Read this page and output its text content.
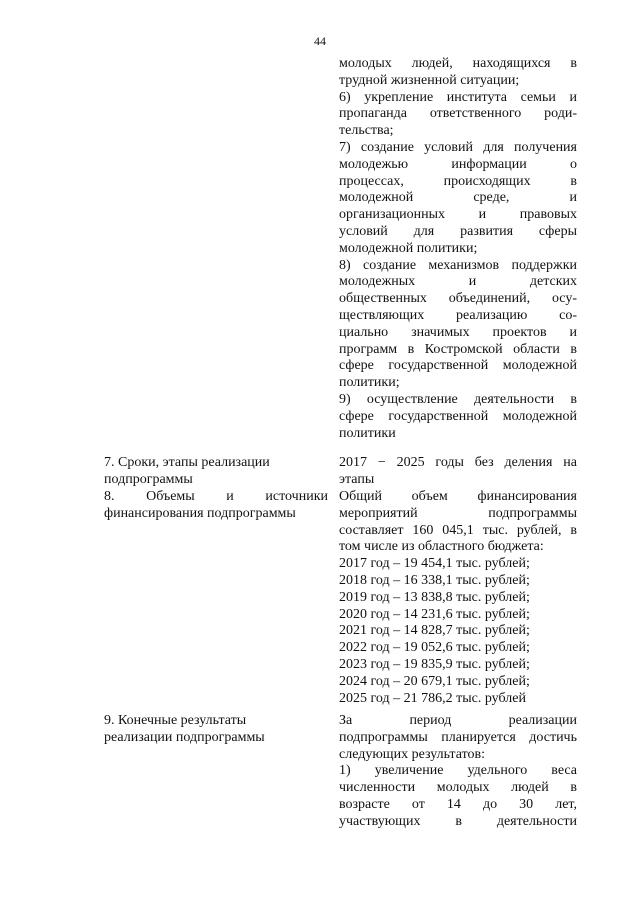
44
молодых людей, находящихся в
трудной жизненной ситуации;
6) укрепление института семьи и
пропаганда ответственного роди-
тельства;
7) создание условий для получения
молодежью информации о
процессах, происходящих в
молодежной среде, и
организационных и правовых
условий для развития сферы
молодежной политики;
8) создание механизмов поддержки
молодежных и детских
общественных объединений, осу-
ществляющих реализацию со-
циально значимых проектов и
программ в Костромской области в
сфере государственной молодежной
политики;
9) осуществление деятельности в
сфере государственной молодежной
политики
7. Сроки, этапы реализации
подпрограммы
2017 − 2025 годы без деления на
этапы
8. Объемы и источники
финансирования подпрограммы
Общий объем финансирования
мероприятий подпрограммы
составляет 160 045,1 тыс. рублей, в
том числе из областного бюджета:
2017 год – 19 454,1 тыс. рублей;
2018 год – 16 338,1 тыс. рублей;
2019 год – 13 838,8 тыс. рублей;
2020 год – 14 231,6 тыс. рублей;
2021 год – 14 828,7 тыс. рублей;
2022 год – 19 052,6 тыс. рублей;
2023 год – 19 835,9 тыс. рублей;
2024 год – 20 679,1 тыс. рублей;
2025 год – 21 786,2 тыс. рублей
9. Конечные результаты
реализации подпрограммы
За период реализации
подпрограммы планируется достичь
следующих результатов:
1) увеличение удельного веса
численности молодых людей в
возрасте от 14 до 30 лет,
участвующих в деятельности
